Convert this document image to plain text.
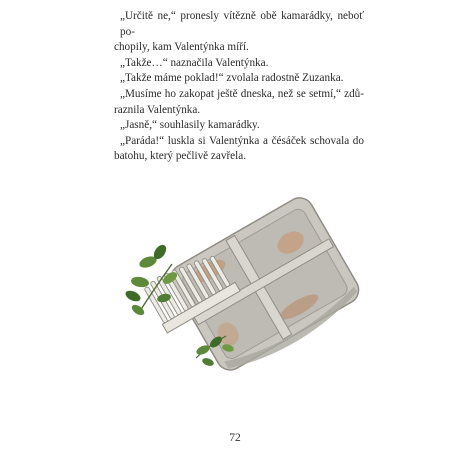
„Určitě ne,“ pronesly vítězně obě kamarádky, neboť po-
chopily, kam Valentýnka míří.
„Takže…“ naznačila Valentýnka.
„Takže máme poklad!“ zvolala radostně Zuzanka.
„Musíme ho zakopat ještě dneska, než se setmí,“ zdů-
raznila Valentýnka.
„Jasně,“ souhlasily kamarádky.
„Paráda!“ luskla si Valentýnka a čésáček schovala do
batohu, který pečlivě zavřela.
72
